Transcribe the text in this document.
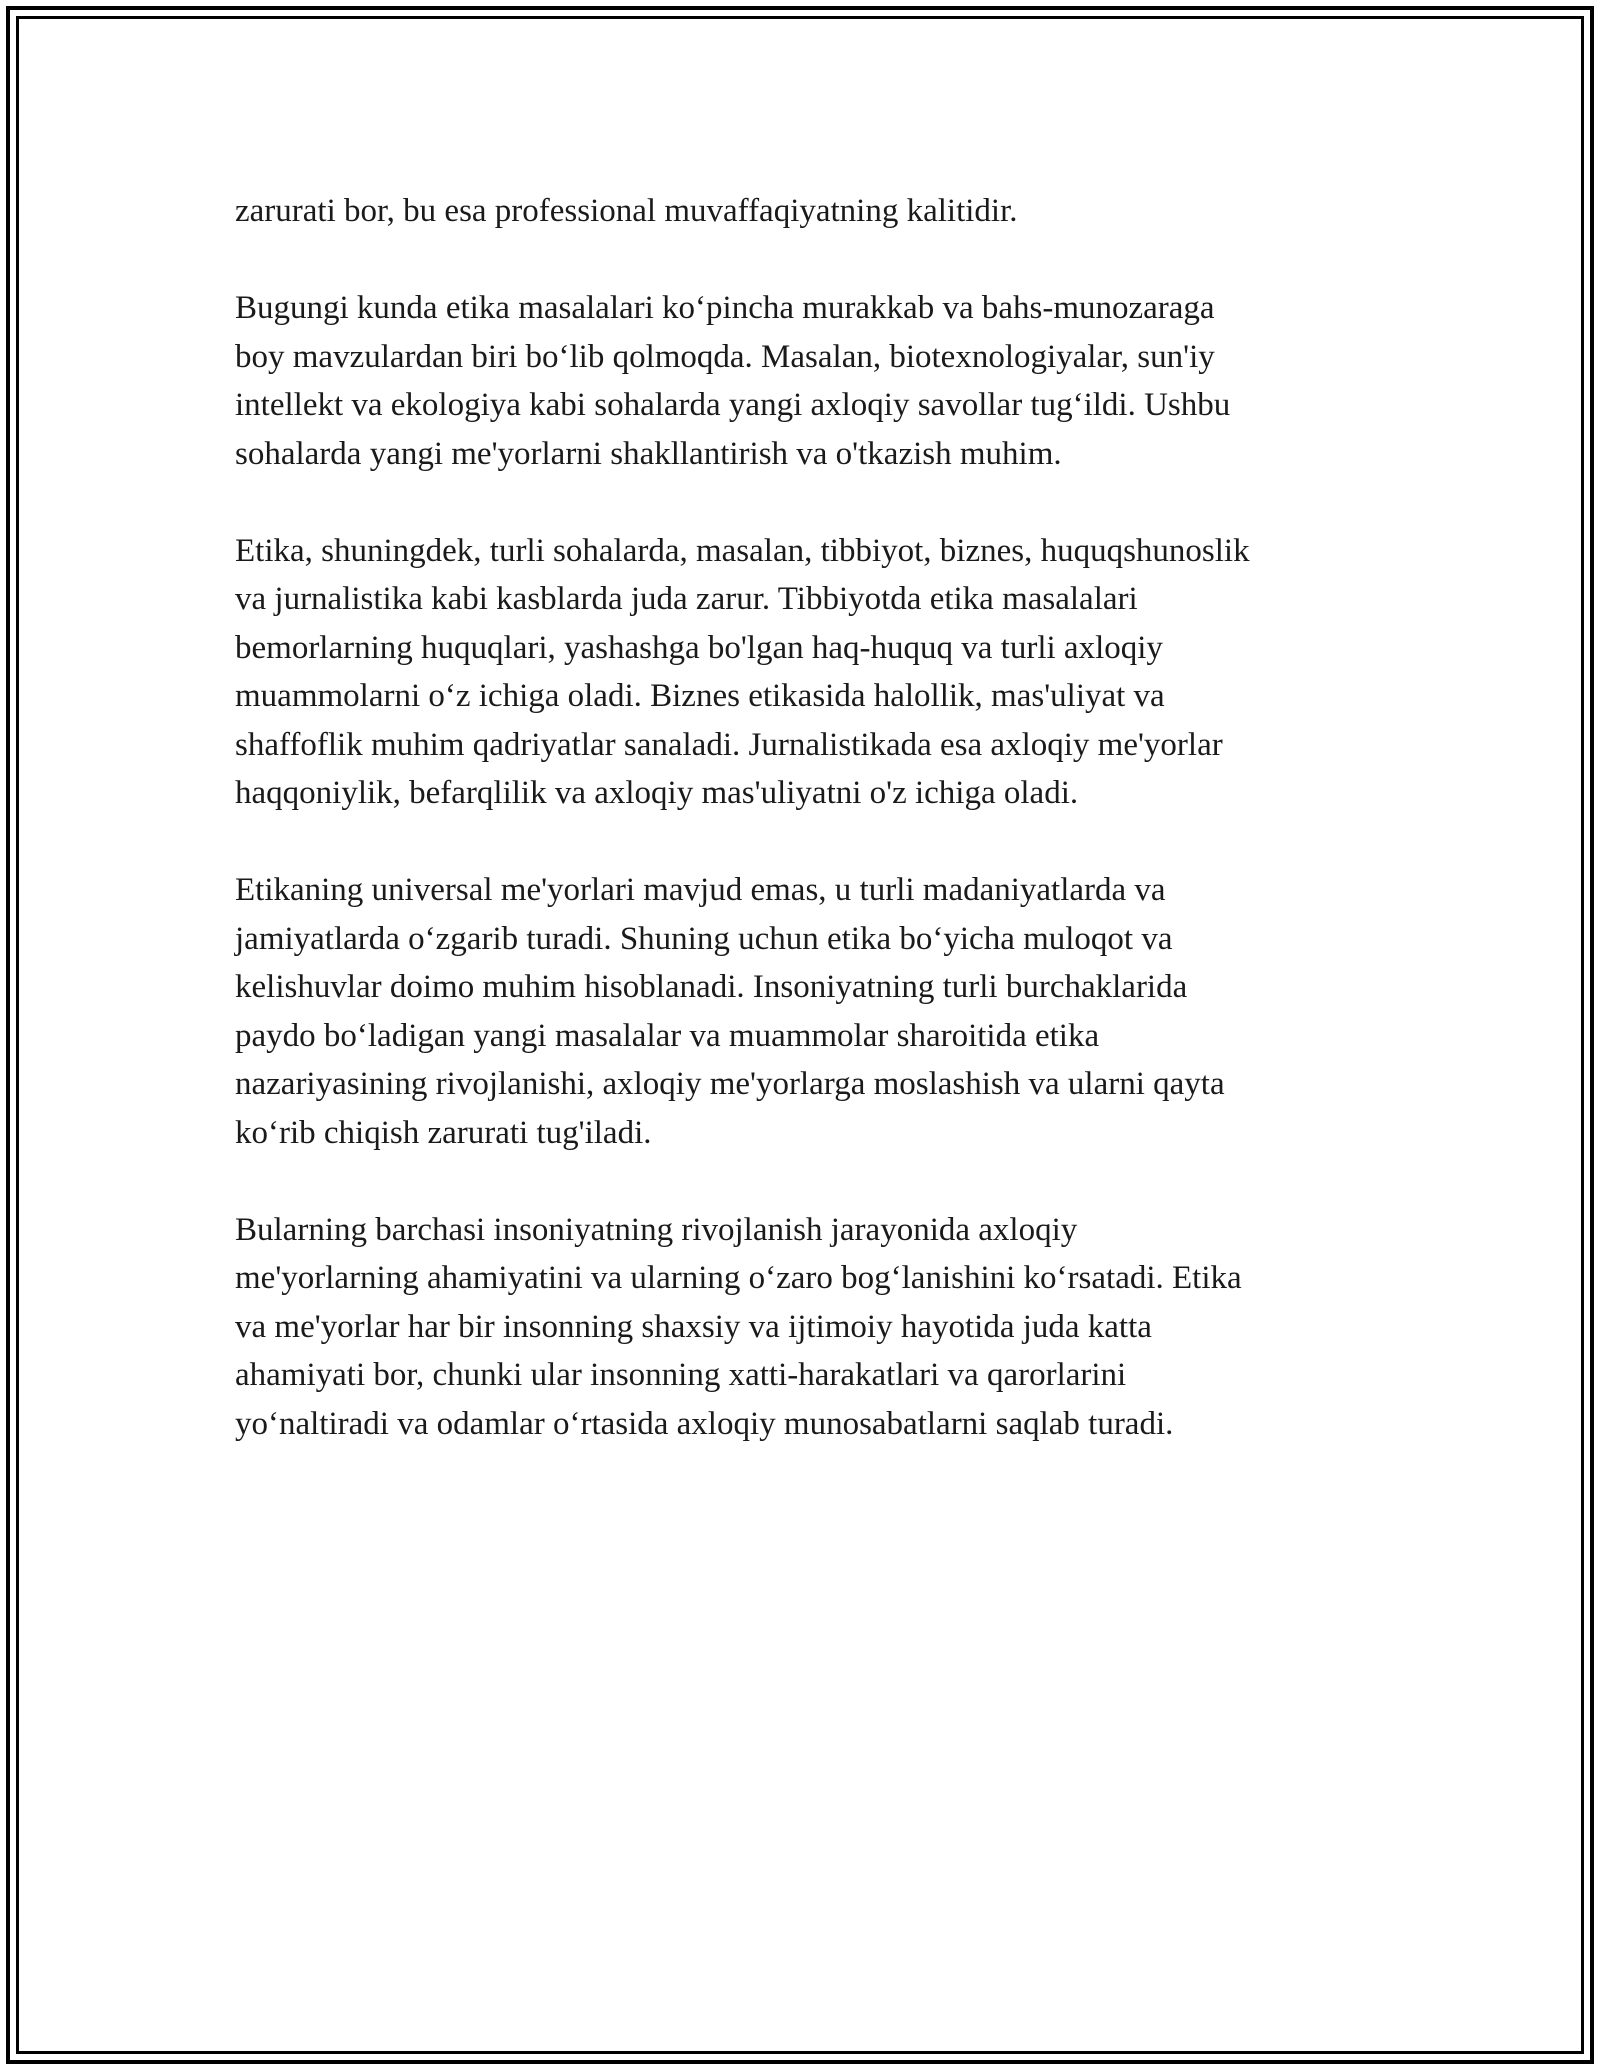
zarurati bor, bu esa professional muvaffaqiyatning kalitidir.

Bugungi kunda etika masalalari ko‘pincha murakkab va bahs-munozaraga
boy mavzulardan biri bo‘lib qolmoqda. Masalan, biotexnologiyalar, sun'iy
intellekt va ekologiya kabi sohalarda yangi axloqiy savollar tug‘ildi. Ushbu
sohalarda yangi me'yorlarni shakllantirish va o'tkazish muhim.

Etika, shuningdek, turli sohalarda, masalan, tibbiyot, biznes, huquqshunoslik
va jurnalistika kabi kasblarda juda zarur. Tibbiyotda etika masalalari
bemorlarning huquqlari, yashashga bo'lgan haq-huquq va turli axloqiy
muammolarni o‘z ichiga oladi. Biznes etikasida halollik, mas'uliyat va
shaffoflik muhim qadriyatlar sanaladi. Jurnalistikada esa axloqiy me'yorlar
haqqoniylik, befarqlilik va axloqiy mas'uliyatni o'z ichiga oladi.

Etikaning universal me'yorlari mavjud emas, u turli madaniyatlarda va
jamiyatlarda o‘zgarib turadi. Shuning uchun etika bo‘yicha muloqot va
kelishuvlar doimo muhim hisoblanadi. Insoniyatning turli burchaklarida
paydo bo‘ladigan yangi masalalar va muammolar sharoitida etika
nazariyasining rivojlanishi, axloqiy me'yorlarga moslashish va ularni qayta
ko‘rib chiqish zarurati tug'iladi.

Bularning barchasi insoniyatning rivojlanish jarayonida axloqiy
me'yorlarning ahamiyatini va ularning o‘zaro bog‘lanishini ko‘rsatadi. Etika
va me'yorlar har bir insonning shaxsiy va ijtimoiy hayotida juda katta
ahamiyati bor, chunki ular insonning xatti-harakatlari va qarorlarini
yo‘naltiradi va odamlar o‘rtasida axloqiy munosabatlarni saqlab turadi.
